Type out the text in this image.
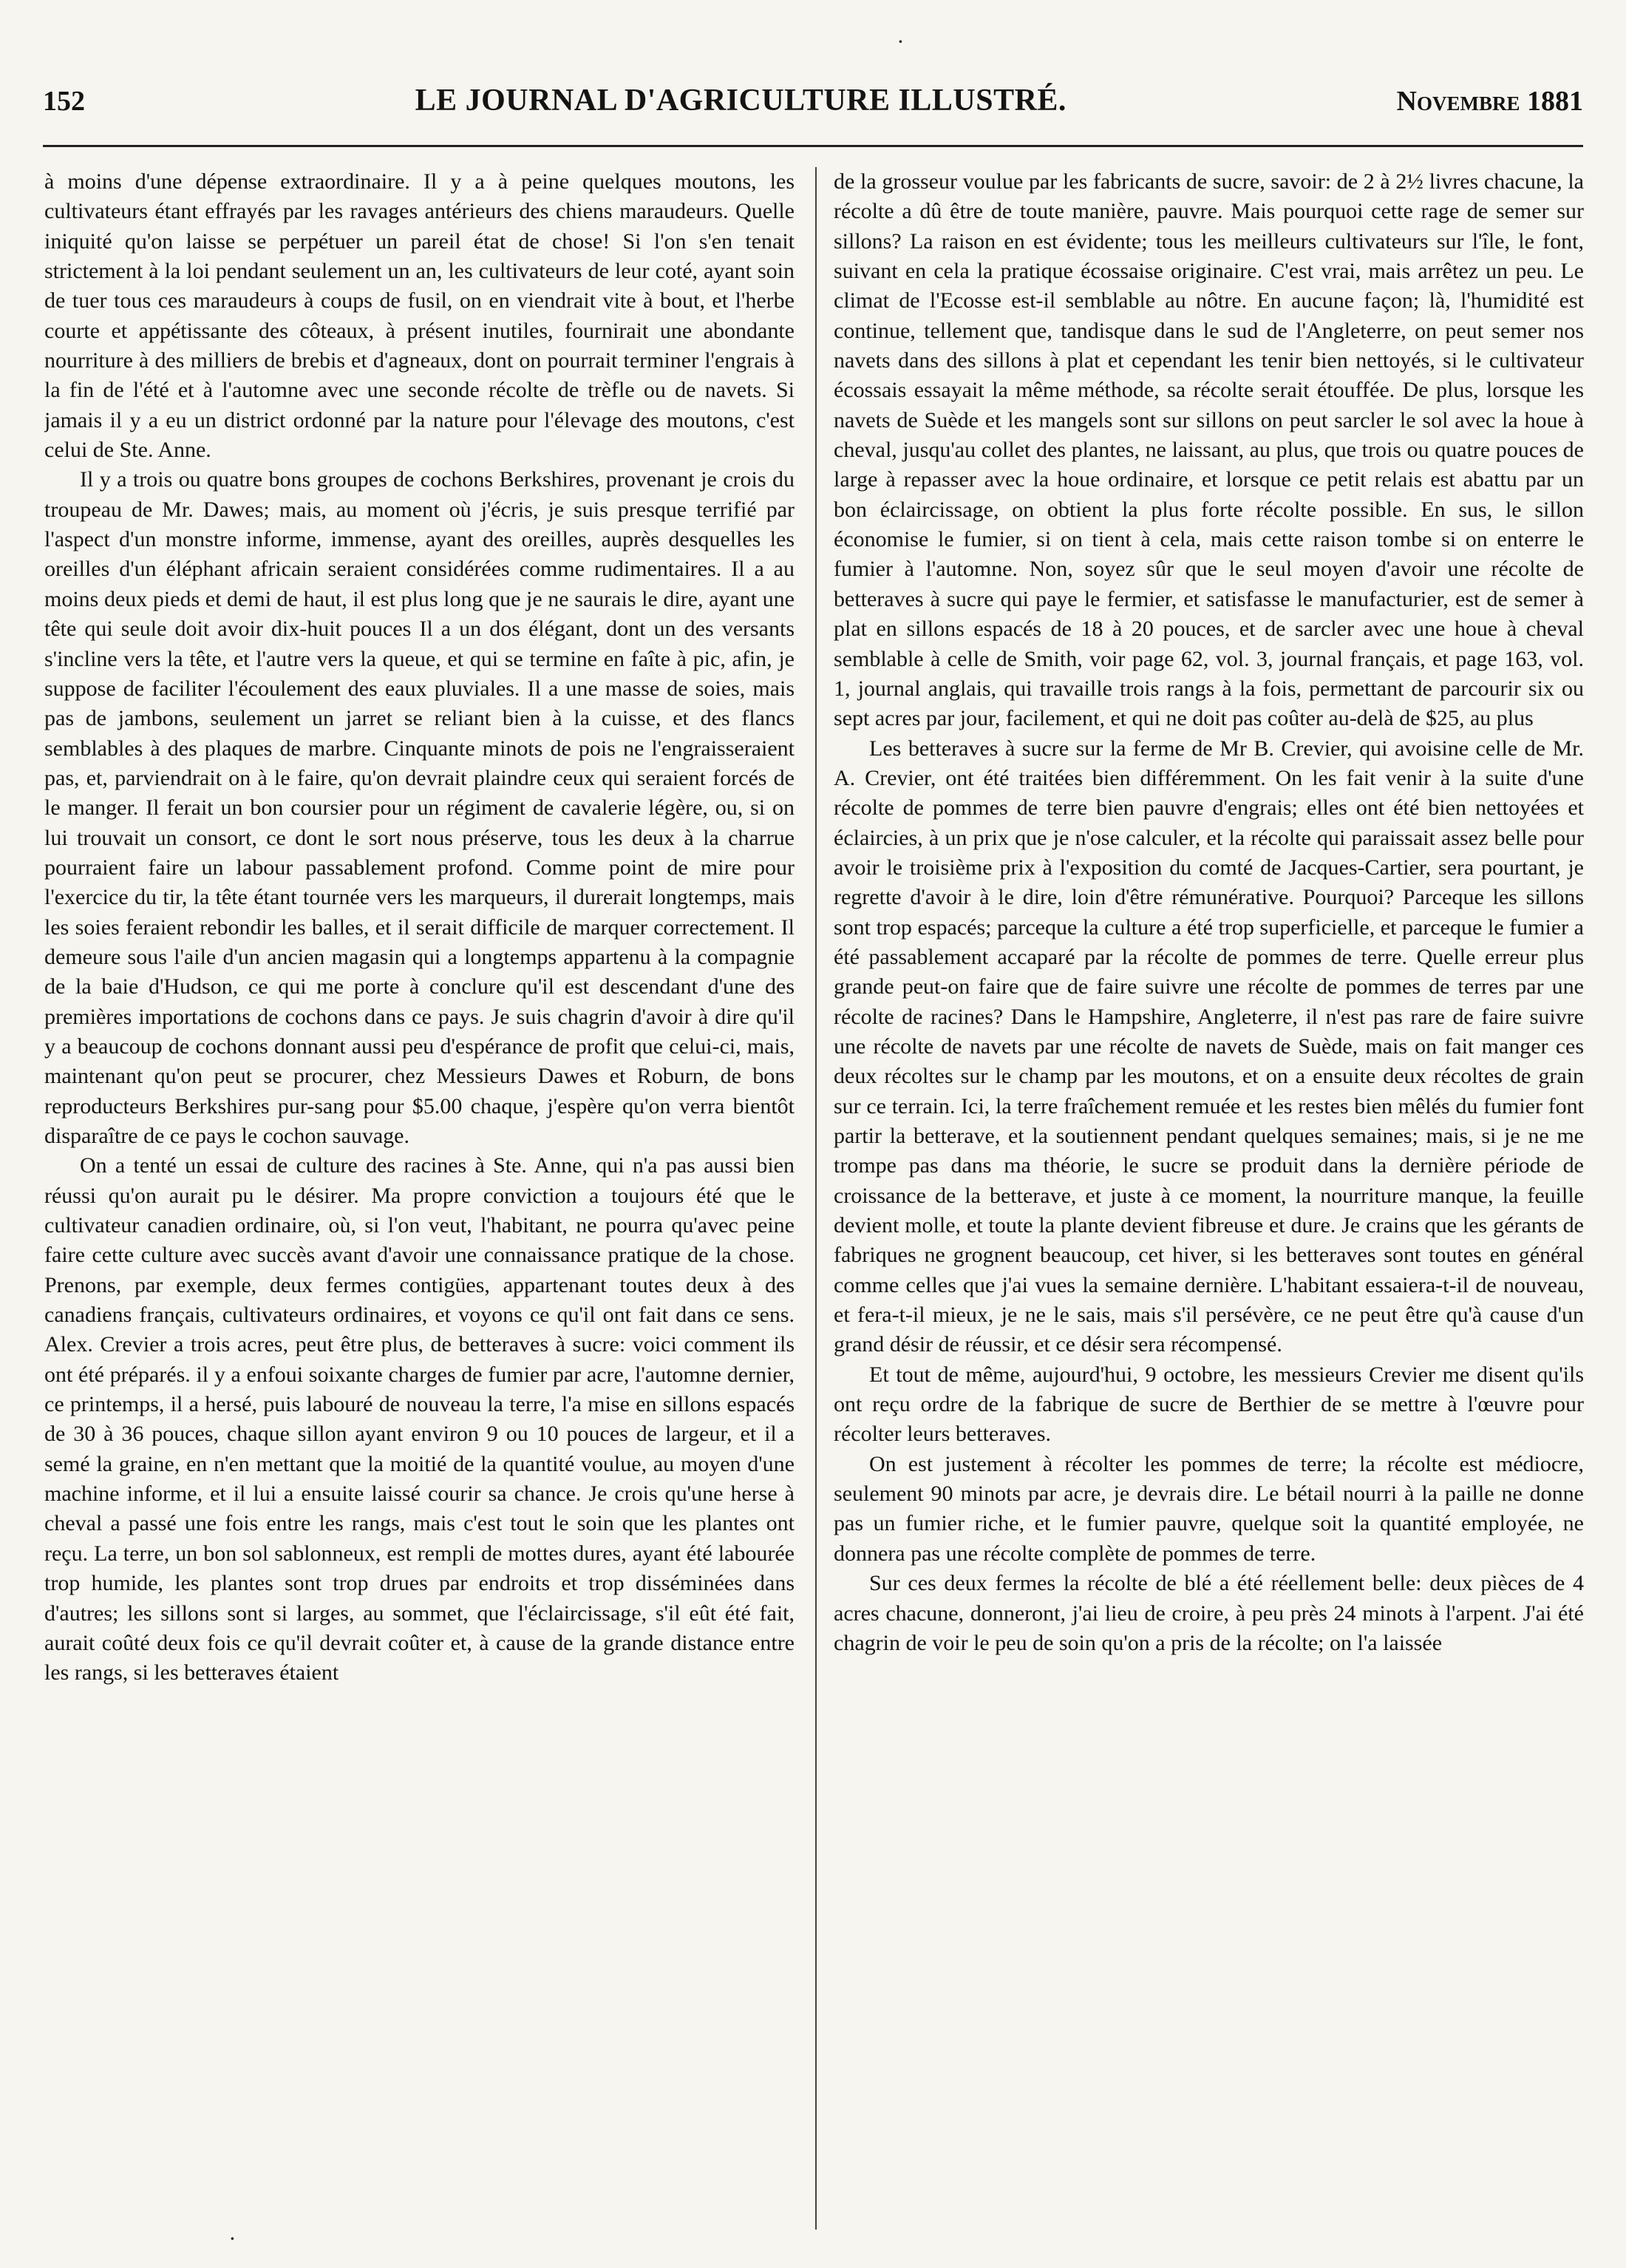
152	LE JOURNAL D'AGRICULTURE ILLUSTRÉ.	Novembre 1881

à moins d'une dépense extraordinaire. Il y a à peine quelques moutons, les cultivateurs étant effrayés par les ravages antérieurs des chiens maraudeurs. Quelle iniquité qu'on laisse se perpétuer un pareil état de chose! Si l'on s'en tenait strictement à la loi pendant seulement un an, les cultivateurs de leur coté, ayant soin de tuer tous ces maraudeurs à coups de fusil, on en viendrait vite à bout, et l'herbe courte et appétissante des côteaux, à présent inutiles, fournirait une abondante nourriture à des milliers de brebis et d'agneaux, dont on pourrait terminer l'engrais à la fin de l'été et à l'automne avec une seconde récolte de trèfle ou de navets. Si jamais il y a eu un district ordonné par la nature pour l'élevage des moutons, c'est celui de Ste. Anne.

Il y a trois ou quatre bons groupes de cochons Berkshires, provenant je crois du troupeau de Mr. Dawes; mais, au moment où j'écris, je suis presque terrifié par l'aspect d'un monstre informe, immense, ayant des oreilles, auprès desquelles les oreilles d'un éléphant africain seraient considérées comme rudimentaires. Il a au moins deux pieds et demi de haut, il est plus long que je ne saurais le dire, ayant une tête qui seule doit avoir dix-huit pouces Il a un dos élégant, dont un des versants s'incline vers la tête, et l'autre vers la queue, et qui se termine en faîte à pic, afin, je suppose de faciliter l'écoulement des eaux pluviales. Il a une masse de soies, mais pas de jambons, seulement un jarret se reliant bien à la cuisse, et des flancs semblables à des plaques de marbre. Cinquante minots de pois ne l'engraisseraient pas, et, parviendrait on à le faire, qu'on devrait plaindre ceux qui seraient forcés de le manger. Il ferait un bon coursier pour un régiment de cavalerie légère, ou, si on lui trouvait un consort, ce dont le sort nous préserve, tous les deux à la charrue pourraient faire un labour passablement profond. Comme point de mire pour l'exercice du tir, la tête étant tournée vers les marqueurs, il durerait longtemps, mais les soies feraient rebondir les balles, et il serait difficile de marquer correctement. Il demeure sous l'aile d'un ancien magasin qui a longtemps appartenu à la compagnie de la baie d'Hudson, ce qui me porte à conclure qu'il est descendant d'une des premières importations de cochons dans ce pays. Je suis chagrin d'avoir à dire qu'il y a beaucoup de cochons donnant aussi peu d'espérance de profit que celui-ci, mais, maintenant qu'on peut se procurer, chez Messieurs Dawes et Roburn, de bons reproducteurs Berkshires pur-sang pour $5.00 chaque, j'espère qu'on verra bientôt disparaître de ce pays le cochon sauvage.

On a tenté un essai de culture des racines à Ste. Anne, qui n'a pas aussi bien réussi qu'on aurait pu le désirer. Ma propre conviction a toujours été que le cultivateur canadien ordinaire, où, si l'on veut, l'habitant, ne pourra qu'avec peine faire cette culture avec succès avant d'avoir une connaissance pratique de la chose. Prenons, par exemple, deux fermes contigües, appartenant toutes deux à des canadiens français, cultivateurs ordinaires, et voyons ce qu'il ont fait dans ce sens. Alex. Crevier a trois acres, peut être plus, de betteraves à sucre: voici comment ils ont été préparés. il y a enfoui soixante charges de fumier par acre, l'automne dernier, ce printemps, il a hersé, puis labouré de nouveau la terre, l'a mise en sillons espacés de 30 à 36 pouces, chaque sillon ayant environ 9 ou 10 pouces de largeur, et il a semé la graine, en n'en mettant que la moitié de la quantité voulue, au moyen d'une machine informe, et il lui a ensuite laissé courir sa chance. Je crois qu'une herse à cheval a passé une fois entre les rangs, mais c'est tout le soin que les plantes ont reçu. La terre, un bon sol sablonneux, est rempli de mottes dures, ayant été labourée trop humide, les plantes sont trop drues par endroits et trop disséminées dans d'autres; les sillons sont si larges, au sommet, que l'éclaircissage, s'il eût été fait, aurait coûté deux fois ce qu'il devrait coûter et, à cause de la grande distance entre les rangs, si les betteraves étaient

de la grosseur voulue par les fabricants de sucre, savoir: de 2 à 2½ livres chacune, la récolte a dû être de toute manière, pauvre. Mais pourquoi cette rage de semer sur sillons? La raison en est évidente; tous les meilleurs cultivateurs sur l'île, le font, suivant en cela la pratique écossaise originaire. C'est vrai, mais arrêtez un peu. Le climat de l'Ecosse est-il semblable au nôtre. En aucune façon; là, l'humidité est continue, tellement que, tandisque dans le sud de l'Angleterre, on peut semer nos navets dans des sillons à plat et cependant les tenir bien nettoyés, si le cultivateur écossais essayait la même méthode, sa récolte serait étouffée. De plus, lorsque les navets de Suède et les mangels sont sur sillons on peut sarcler le sol avec la houe à cheval, jusqu'au collet des plantes, ne laissant, au plus, que trois ou quatre pouces de large à repasser avec la houe ordinaire, et lorsque ce petit relais est abattu par un bon éclaircissage, on obtient la plus forte récolte possible. En sus, le sillon économise le fumier, si on tient à cela, mais cette raison tombe si on enterre le fumier à l'automne. Non, soyez sûr que le seul moyen d'avoir une récolte de betteraves à sucre qui paye le fermier, et satisfasse le manufacturier, est de semer à plat en sillons espacés de 18 à 20 pouces, et de sarcler avec une houe à cheval semblable à celle de Smith, voir page 62, vol. 3, journal français, et page 163, vol. 1, journal anglais, qui travaille trois rangs à la fois, permettant de parcourir six ou sept acres par jour, facilement, et qui ne doit pas coûter au-delà de $25, au plus

Les betteraves à sucre sur la ferme de Mr B. Crevier, qui avoisine celle de Mr. A. Crevier, ont été traitées bien différemment. On les fait venir à la suite d'une récolte de pommes de terre bien pauvre d'engrais; elles ont été bien nettoyées et éclaircies, à un prix que je n'ose calculer, et la récolte qui paraissait assez belle pour avoir le troisième prix à l'exposition du comté de Jacques-Cartier, sera pourtant, je regrette d'avoir à le dire, loin d'être rémunérative. Pourquoi? Parceque les sillons sont trop espacés; parceque la culture a été trop superficielle, et parceque le fumier a été passablement accaparé par la récolte de pommes de terre. Quelle erreur plus grande peut-on faire que de faire suivre une récolte de pommes de terres par une récolte de racines? Dans le Hampshire, Angleterre, il n'est pas rare de faire suivre une récolte de navets par une récolte de navets de Suède, mais on fait manger ces deux récoltes sur le champ par les moutons, et on a ensuite deux récoltes de grain sur ce terrain. Ici, la terre fraîchement remuée et les restes bien mêlés du fumier font partir la betterave, et la soutiennent pendant quelques semaines; mais, si je ne me trompe pas dans ma théorie, le sucre se produit dans la dernière période de croissance de la betterave, et juste à ce moment, la nourriture manque, la feuille devient molle, et toute la plante devient fibreuse et dure. Je crains que les gérants de fabriques ne grognent beaucoup, cet hiver, si les betteraves sont toutes en général comme celles que j'ai vues la semaine dernière. L'habitant essaiera-t-il de nouveau, et fera-t-il mieux, je ne le sais, mais s'il persévère, ce ne peut être qu'à cause d'un grand désir de réussir, et ce désir sera récompensé.

Et tout de même, aujourd'hui, 9 octobre, les messieurs Crevier me disent qu'ils ont reçu ordre de la fabrique de sucre de Berthier de se mettre à l'œuvre pour récolter leurs betteraves.

On est justement à récolter les pommes de terre; la récolte est médiocre, seulement 90 minots par acre, je devrais dire. Le bétail nourri à la paille ne donne pas un fumier riche, et le fumier pauvre, quelque soit la quantité employée, ne donnera pas une récolte complète de pommes de terre.

Sur ces deux fermes la récolte de blé a été réellement belle: deux pièces de 4 acres chacune, donneront, j'ai lieu de croire, à peu près 24 minots à l'arpent. J'ai été chagrin de voir le peu de soin qu'on a pris de la récolte; on l'a laissée

·
·
